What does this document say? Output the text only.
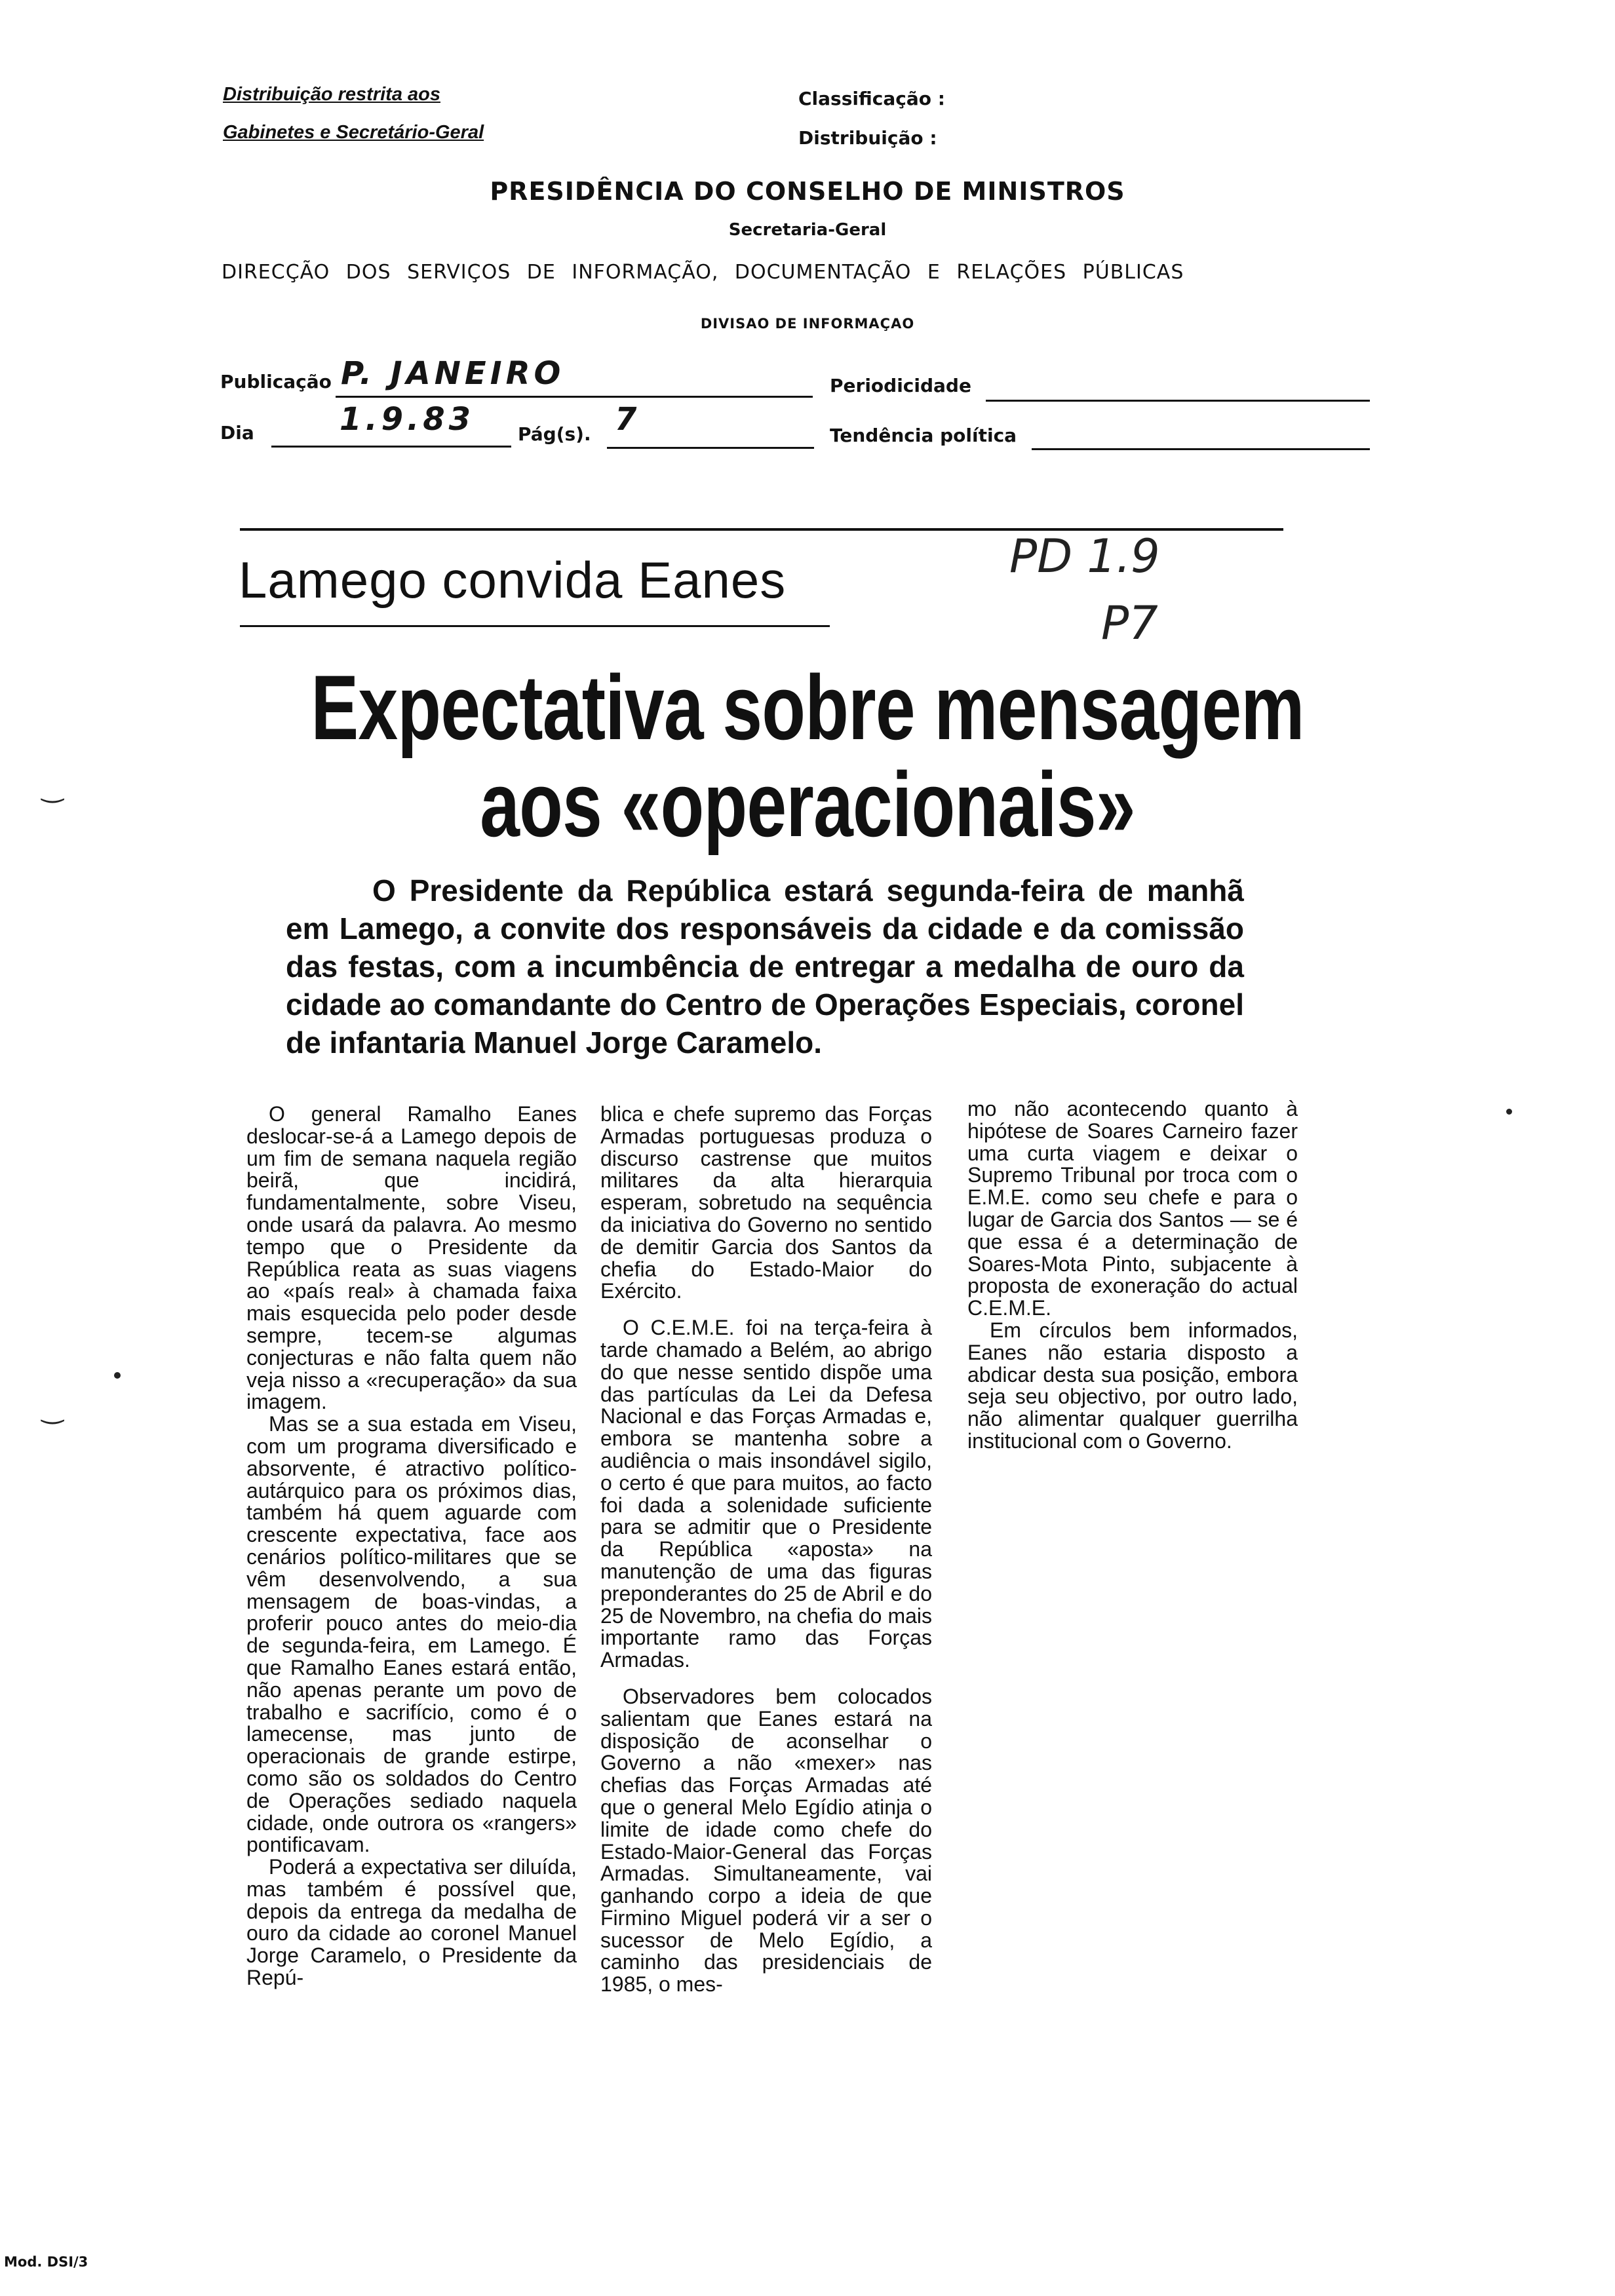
Distribuição restrita aos
Gabinetes e Secretário-Geral
Classificação :
Distribuição :
PRESIDÊNCIA DO CONSELHO DE MINISTROS
Secretaria-Geral
DIRECÇÃO DOS SERVIÇOS DE INFORMAÇÃO, DOCUMENTAÇÃO E RELAÇÕES PÚBLICAS
DIVISAO DE INFORMAÇAO
Publicação P. JANEIRO	Periodicidade
Dia	1.9.83 Pág(s). 7	Tendência política
Lamego convida Eanes	PD 1.9
P7
Expectativa sobre mensagem
aos «operacionais»
O Presidente da República estará segunda-feira de manhã em Lamego, a convite dos responsáveis da cidade e da comissão das festas, com a incumbência de entregar a medalha de ouro da cidade ao comandante do Centro de Operações Especiais, coronel de infantaria Manuel Jorge Caramelo.

O general Ramalho Eanes deslocar-se-á a Lamego depois de um fim de semana naquela região beirã, que incidirá, fundamentalmente, sobre Viseu, onde usará da palavra. Ao mesmo tempo que o Presidente da República reata as suas viagens ao «país real» à chamada faixa mais esquecida pelo poder desde sempre, tecem-se algumas conjecturas e não falta quem não veja nisso a «recuperação» da sua imagem.

Mas se a sua estada em Viseu, com um programa diversificado e absorvente, é atractivo político-autárquico para os próximos dias, também há quem aguarde com crescente expectativa, face aos cenários político-militares que se vêm desenvolvendo, a sua mensagem de boas-vindas, a proferir pouco antes do meio-dia de segunda-feira, em Lamego. É que Ramalho Eanes estará então, não apenas perante um povo de trabalho e sacrifício, como é o lamecense, mas junto de operacionais de grande estirpe, como são os soldados do Centro de Operações sediado naquela cidade, onde outrora os «rangers» pontificavam.

Poderá a expectativa ser diluída, mas também é possível que, depois da entrega da medalha de ouro da cidade ao coronel Manuel Jorge Caramelo, o Presidente da Repú-

blica e chefe supremo das Forças Armadas portuguesas produza o discurso castrense que muitos militares da alta hierarquia esperam, sobretudo na sequência da iniciativa do Governo no sentido de demitir Garcia dos Santos da chefia do Estado-Maior do Exército.

O C.E.M.E. foi na terça-feira à tarde chamado a Belém, ao abrigo do que nesse sentido dispõe uma das partículas da Lei da Defesa Nacional e das Forças Armadas e, embora se mantenha sobre a audiência o mais insondável sigilo, o certo é que para muitos, ao facto foi dada a solenidade suficiente para se admitir que o Presidente da República «aposta» na manutenção de uma das figuras preponderantes do 25 de Abril e do 25 de Novembro, na chefia do mais importante ramo das Forças Armadas.

Observadores bem colocados salientam que Eanes estará na disposição de aconselhar o Governo a não «mexer» nas chefias das Forças Armadas até que o general Melo Egídio atinja o limite de idade como chefe do Estado-Maior-General das Forças Armadas. Simultaneamente, vai ganhando corpo a ideia de que Firmino Miguel poderá vir a ser o sucessor de Melo Egídio, a caminho das presidenciais de 1985, o mes-

mo não acontecendo quanto à hipótese de Soares Carneiro fazer uma curta viagem e deixar o Supremo Tribunal por troca com o E.M.E. como seu chefe e para o lugar de Garcia dos Santos — se é que essa é a determinação de Soares-Mota Pinto, subjacente à proposta de exoneração do actual C.E.M.E.

Em círculos bem informados, Eanes não estaria disposto a abdicar desta sua posição, embora seja seu objectivo, por outro lado, não alimentar qualquer guerrilha institucional com o Governo.

‿
‿
Mod. DSI/3
